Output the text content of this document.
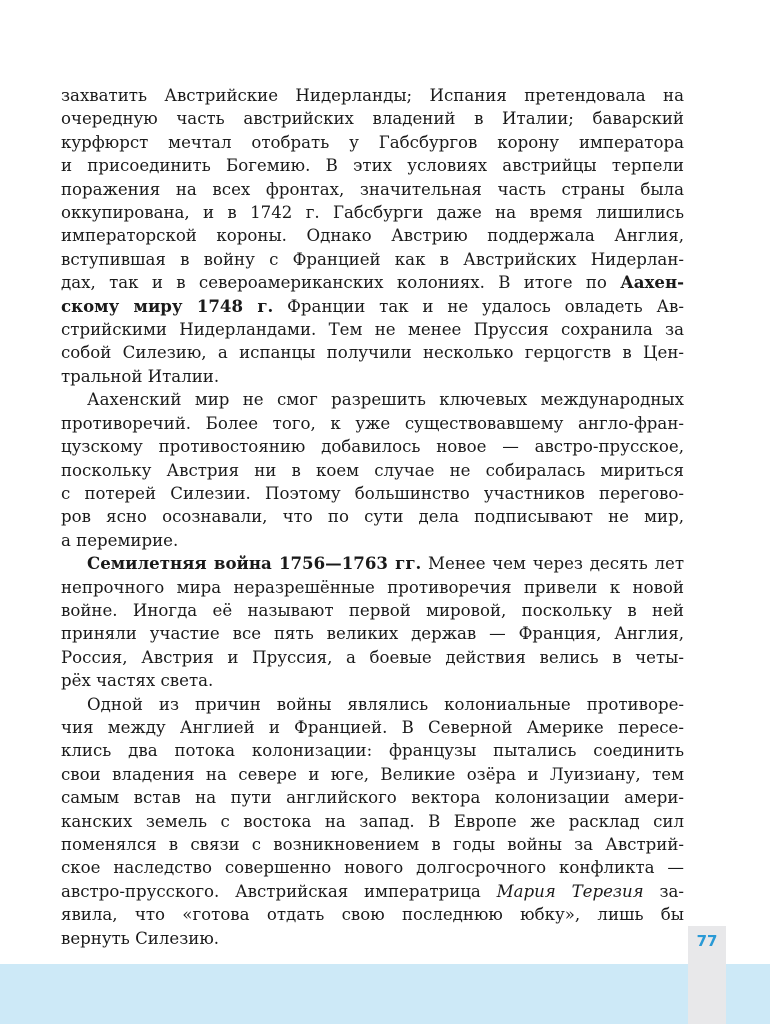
захватить Австрийские Нидерланды; Испания претендовала на
очередную часть австрийских владений в Италии; баварский
курфюрст мечтал отобрать у Габсбургов корону императора
и присоединить Богемию. В этих условиях австрийцы терпели
поражения на всех фронтах, значительная часть страны была
оккупирована, и в 1742 г. Габсбурги даже на время лишились
императорской короны. Однако Австрию поддержала Англия,
вступившая в войну с Францией как в Австрийских Нидерлан-
дах, так и в североамериканских колониях. В итоге по Аахен-
скому миру 1748 г. Франции так и не удалось овладеть Ав-
стрийскими Нидерландами. Тем не менее Пруссия сохранила за
собой Силезию, а испанцы получили несколько герцогств в Цен-
тральной Италии.
Аахенский мир не смог разрешить ключевых международных
противоречий. Более того, к уже существовавшему англо-фран-
цузскому противостоянию добавилось новое — австро-прусское,
поскольку Австрия ни в коем случае не собиралась мириться
с потерей Силезии. Поэтому большинство участников перегово-
ров ясно осознавали, что по сути дела подписывают не мир,
а перемирие.
Семилетняя война 1756—1763 гг. Менее чем через десять лет
непрочного мира неразрешённые противоречия привели к новой
войне. Иногда её называют первой мировой, поскольку в ней
приняли участие все пять великих держав — Франция, Англия,
Россия, Австрия и Пруссия, а боевые действия велись в четы-
рёх частях света.
Одной из причин войны являлись колониальные противоре-
чия между Англией и Францией. В Северной Америке пересе-
клись два потока колонизации: французы пытались соединить
свои владения на севере и юге, Великие озёра и Луизиану, тем
самым встав на пути английского вектора колонизации амери-
канских земель с востока на запад. В Европе же расклад сил
поменялся в связи с возникновением в годы войны за Австрий-
ское наследство совершенно нового долгосрочного конфликта —
австро-прусского. Австрийская императрица Мария Терезия за-
явила, что «готова отдать свою последнюю юбку», лишь бы
вернуть Силезию.	77
